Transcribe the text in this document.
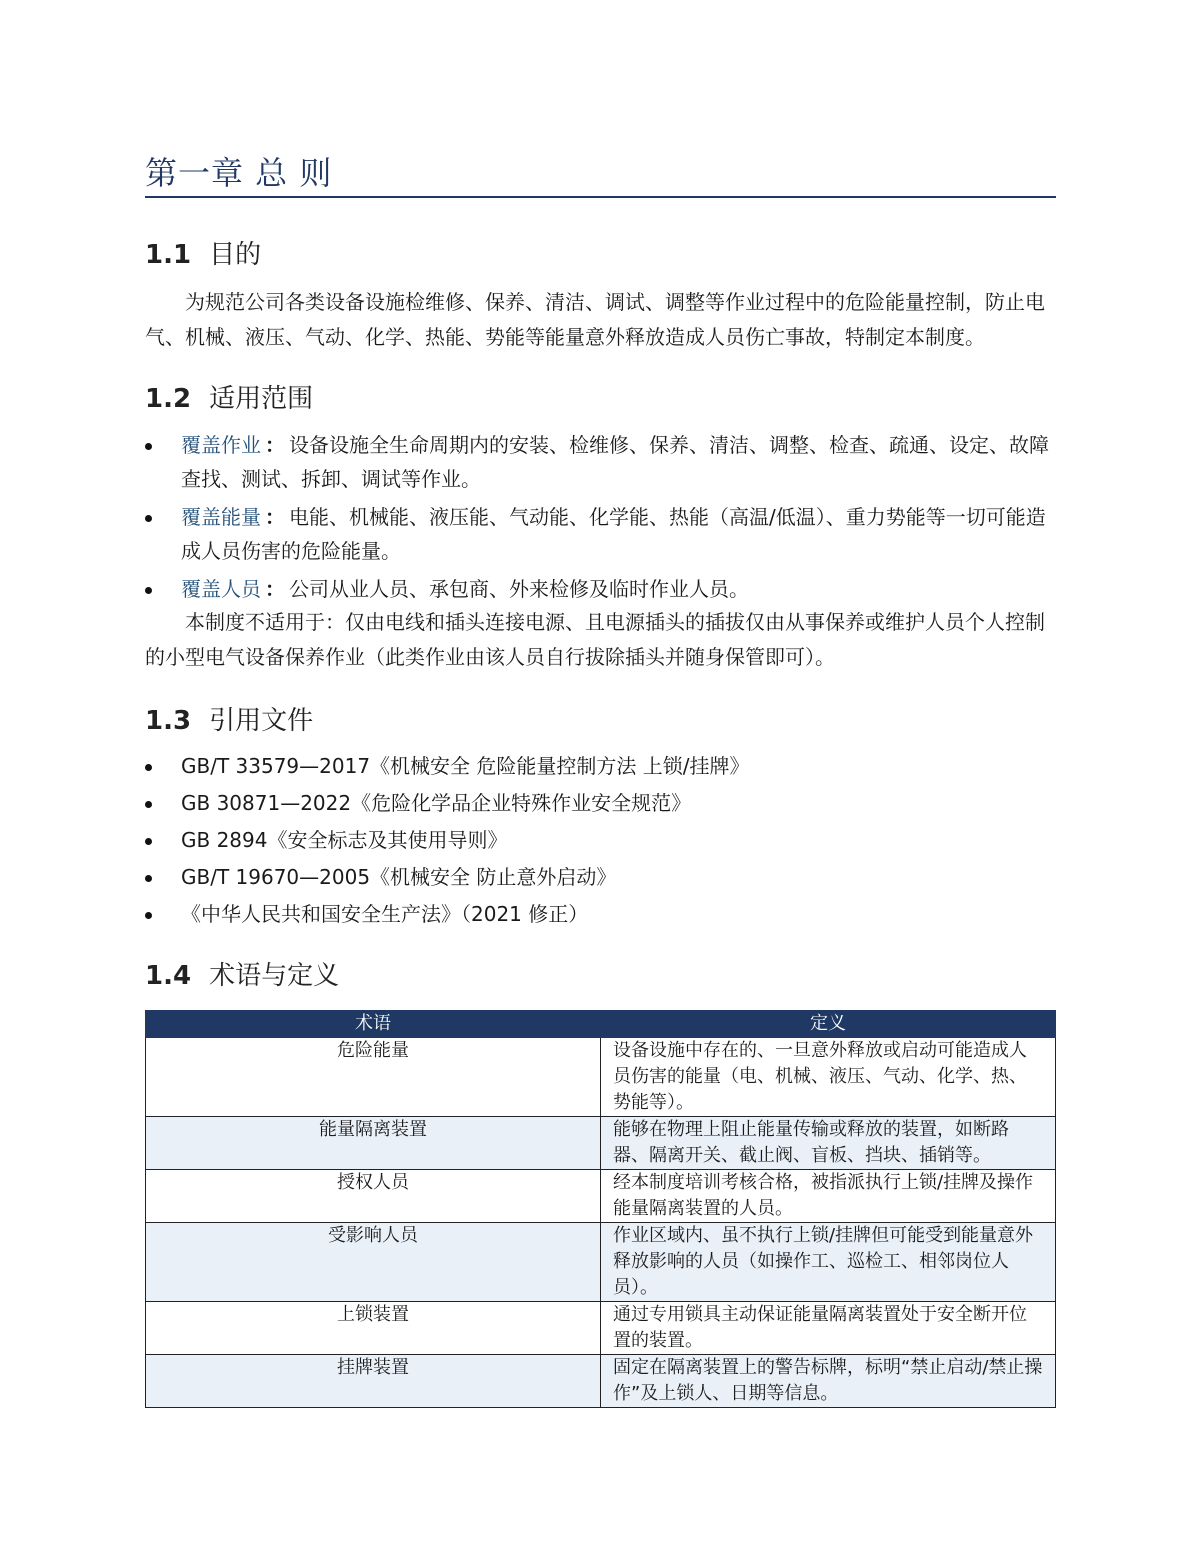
第一章 总 则
1.1 目的

为规范公司各类设备设施检维修、保养、清洁、调试、调整等作业过程中的危险能量控制，防止电气、机械、液压、气动、化学、热能、势能等能量意外释放造成人员伤亡事故，特制定本制度。

1.2 适用范围
覆盖作业 ： 设备设施全生命周期内的安装、检维修、保养、清洁、调整、检查、疏通、设定、故障查找、测试、拆卸、调试等作业。
覆盖能量 ： 电能、机械能、液压能、气动能、化学能、热能（高温/低温）、重力势能等一切可能造成人员伤害的危险能量。
覆盖人员 ： 公司从业人员、承包商、外来检修及临时作业人员。

本制度不适用于：仅由电线和插头连接电源、且电源插头的插拔仅由从事保养或维护人员个人控制的小型电气设备保养作业（此类作业由该人员自行拔除插头并随身保管即可）。

1.3 引用文件
GB/T 33579—2017《机械安全 危险能量控制方法 上锁/挂牌》
GB 30871—2022《危险化学品企业特殊作业安全规范》
GB 2894《安全标志及其使用导则》
GB/T 19670—2005《机械安全 防止意外启动》
《中华人民共和国安全生产法》（2021 修正）
1.4 术语与定义
术语	定义
危险能量	设备设施中存在的、一旦意外释放或启动可能造成人员伤害的能量（电、机械、液压、气动、化学、热、势能等）。
能量隔离装置	能够在物理上阻止能量传输或释放的装置，如断路器、隔离开关、截止阀、盲板、挡块、插销等。
授权人员	经本制度培训考核合格，被指派执行上锁/挂牌及操作能量隔离装置的人员。
受影响人员	作业区域内、虽不执行上锁/挂牌但可能受到能量意外释放影响的人员（如操作工、巡检工、相邻岗位人员）。
上锁装置	通过专用锁具主动保证能量隔离装置处于安全断开位置的装置。
挂牌装置	固定在隔离装置上的警告标牌，标明“禁止启动/禁止操作”及上锁人、日期等信息。
